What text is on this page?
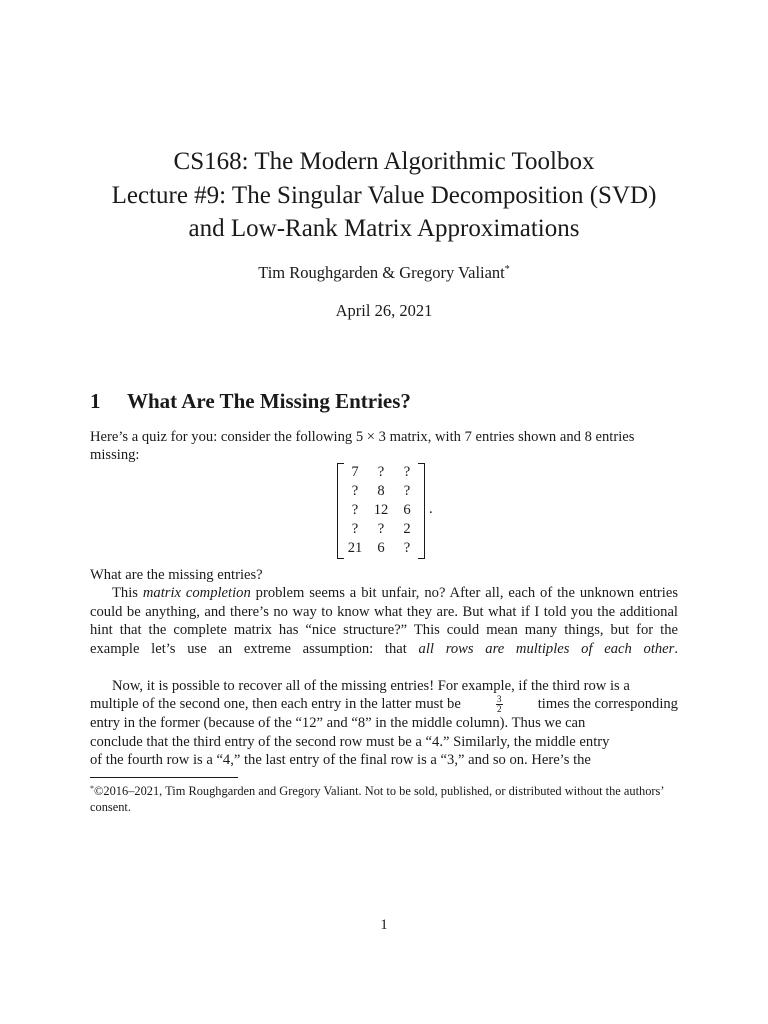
CS168: The Modern Algorithmic Toolbox
Lecture #9: The Singular Value Decomposition (SVD)
and Low-Rank Matrix Approximations
Tim Roughgarden & Gregory Valiant*
April 26, 2021
1 What Are The Missing Entries?
Here’s a quiz for you: consider the following 5 × 3 matrix, with 7 entries shown and 8 entries
missing:
7	?	?
?	8	?
?	12	6
?	?	2
21	6	?
.
What are the missing entries?
This matrix completion problem seems a bit unfair, no? After all, each of the unknown entries could be anything, and there’s no way to know what they are. But what if I told you the additional hint that the complete matrix has “nice structure?” This could mean many things, but for the example let’s use an extreme assumption: that all rows are multiples of each other.
Now, it is possible to recover all of the missing entries! For example, if the third row is a
multiple of the second one, then each entry in the latter must be	$\frac{3}{2}$ times the corresponding
entry in the former (because of the “12” and “8” in the middle column). Thus we can
conclude that the third entry of the second row must be a “4.” Similarly, the middle entry
of the fourth row is a “4,” the last entry of the final row is a “3,” and so on. Here’s the
*©2016–2021, Tim Roughgarden and Gregory Valiant. Not to be sold, published, or distributed without the authors’ consent.
1
